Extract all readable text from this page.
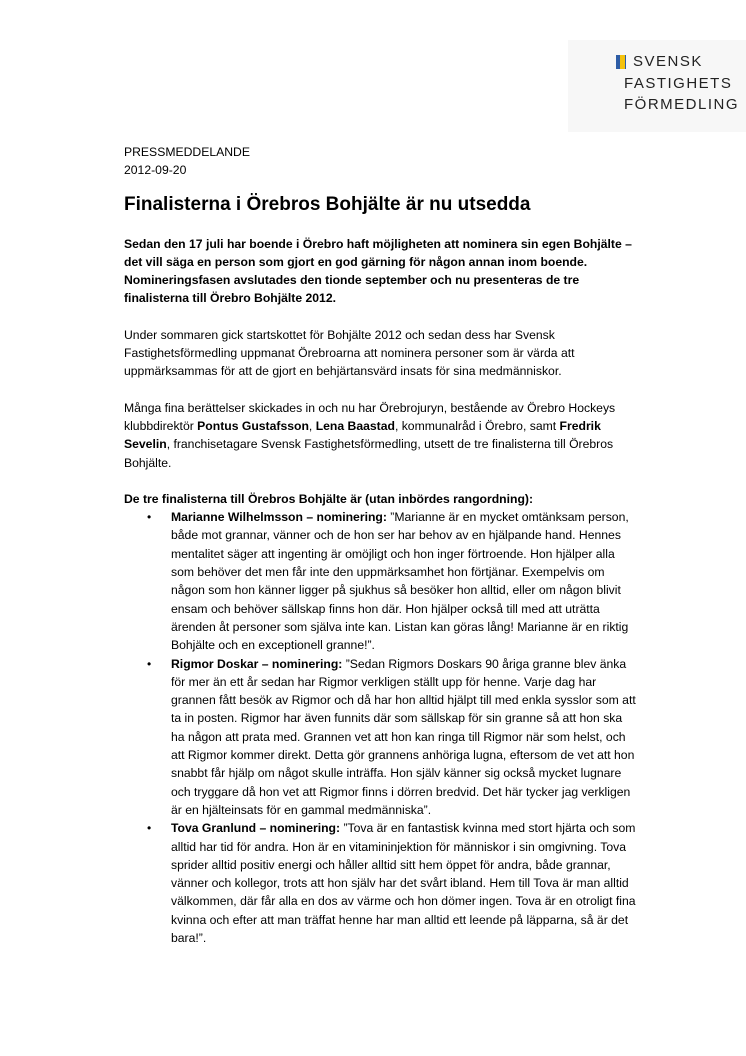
SVENSK
FASTIGHETS
FÖRMEDLING
PRESSMEDDELANDE
2012-09-20
Finalisterna i Örebros Bohjälte är nu utsedda

Sedan den 17 juli har boende i Örebro haft möjligheten att nominera sin egen Bohjälte – det vill säga en person som gjort en god gärning för någon annan inom boende. Nomineringsfasen avslutades den tionde september och nu presenteras de tre finalisterna till Örebro Bohjälte 2012.

Under sommaren gick startskottet för Bohjälte 2012 och sedan dess har Svensk Fastighetsförmedling uppmanat Örebroarna att nominera personer som är värda att uppmärksammas för att de gjort en behjärtansvärd insats för sina medmänniskor.

Många fina berättelser skickades in och nu har Örebrojuryn, bestående av Örebro Hockeys klubbdirektör Pontus Gustafsson, Lena Baastad, kommunalråd i Örebro, samt Fredrik Sevelin, franchisetagare Svensk Fastighetsförmedling, utsett de tre finalisterna till Örebros Bohjälte.

De tre finalisterna till Örebros Bohjälte är (utan inbördes rangordning):
• Marianne Wilhelmsson – nominering: ”Marianne är en mycket omtänksam person, både mot grannar, vänner och de hon ser har behov av en hjälpande hand. Hennes mentalitet säger att ingenting är omöjligt och hon inger förtroende. Hon hjälper alla som behöver det men får inte den uppmärksamhet hon förtjänar. Exempelvis om någon som hon känner ligger på sjukhus så besöker hon alltid, eller om någon blivit ensam och behöver sällskap finns hon där. Hon hjälper också till med att uträtta ärenden åt personer som själva inte kan. Listan kan göras lång! Marianne är en riktig Bohjälte och en exceptionell granne!”.
• Rigmor Doskar – nominering: ”Sedan Rigmors Doskars 90 åriga granne blev änka för mer än ett år sedan har Rigmor verkligen ställt upp för henne. Varje dag har grannen fått besök av Rigmor och då har hon alltid hjälpt till med enkla sysslor som att ta in posten. Rigmor har även funnits där som sällskap för sin granne så att hon ska ha någon att prata med. Grannen vet att hon kan ringa till Rigmor när som helst, och att Rigmor kommer direkt. Detta gör grannens anhöriga lugna, eftersom de vet att hon snabbt får hjälp om något skulle inträffa. Hon själv känner sig också mycket lugnare och tryggare då hon vet att Rigmor finns i dörren bredvid. Det här tycker jag verkligen är en hjälteinsats för en gammal medmänniska”.
• Tova Granlund – nominering: ”Tova är en fantastisk kvinna med stort hjärta och som alltid har tid för andra. Hon är en vitamininjektion för människor i sin omgivning. Tova sprider alltid positiv energi och håller alltid sitt hem öppet för andra, både grannar, vänner och kollegor, trots att hon själv har det svårt ibland. Hem till Tova är man alltid välkommen, där får alla en dos av värme och hon dömer ingen. Tova är en otroligt fina kvinna och efter att man träffat henne har man alltid ett leende på läpparna, så är det bara!”.
